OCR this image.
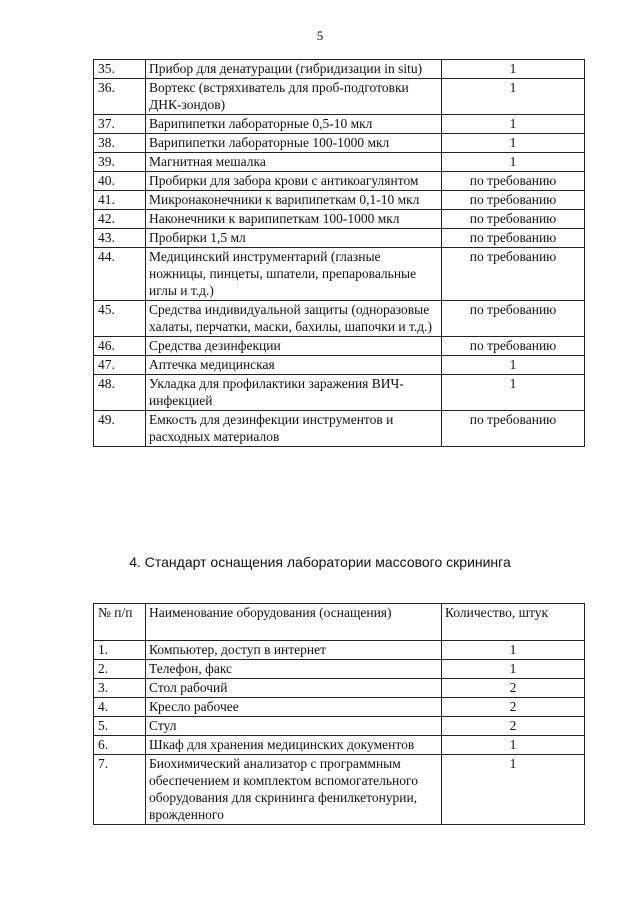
5
35.	Прибор для денатурации (гибридизации in situ)	1
36.	Вортекс (встряхиватель для проб-подготовки ДНК-зондов)	1
37.	Варипипетки лабораторные 0,5-10 мкл	1
38.	Варипипетки лабораторные 100-1000 мкл	1
39.	Магнитная мешалка	1
40.	Пробирки для забора крови с антикоагулянтом	по требованию
41.	Микронаконечники к варипипеткам 0,1-10 мкл	по требованию
42.	Наконечники к варипипеткам 100-1000 мкл	по требованию
43.	Пробирки 1,5 мл	по требованию
44.	Медицинский инструментарий (глазные ножницы, пинцеты, шпатели, препаровальные иглы и т.д.)	по требованию
45.	Средства индивидуальной защиты (одноразовые халаты, перчатки, маски, бахилы, шапочки и т.д.)	по требованию
46.	Средства дезинфекции	по требованию
47.	Аптечка медицинская	1
48.	Укладка для профилактики заражения ВИЧ-инфекцией	1
49.	Емкость для дезинфекции инструментов и расходных материалов	по требованию
4. Стандарт оснащения лаборатории массового скрининга
№ п/п	Наименование оборудования (оснащения)	Количество, штук
1.	Компьютер, доступ в интернет	1
2.	Телефон, факс	1
3.	Стол рабочий	2
4.	Кресло рабочее	2
5.	Стул	2
6.	Шкаф для хранения медицинских документов	1
7.	Биохимический анализатор с программным обеспечением и комплектом вспомогательного оборудования для скрининга фенилкетонурии, врожденного	1
